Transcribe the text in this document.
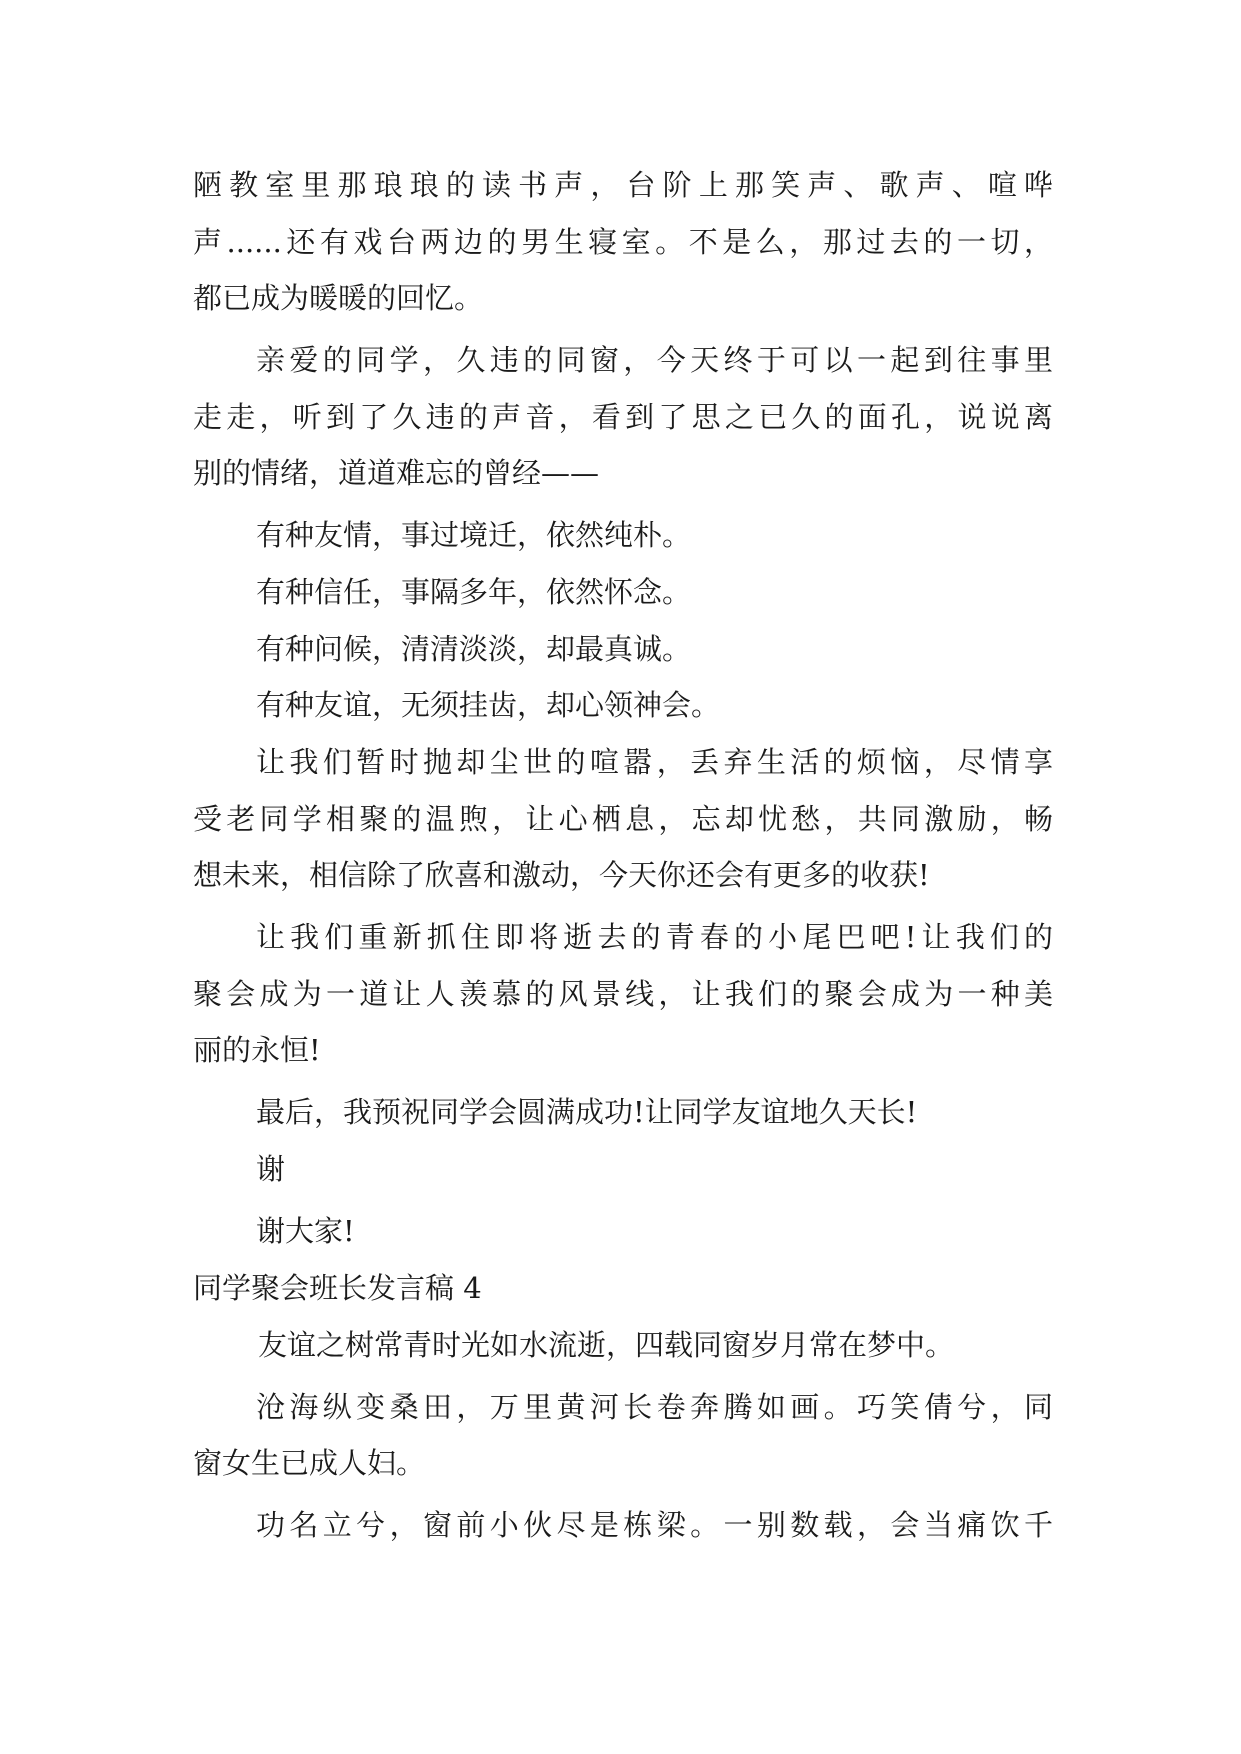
陋教室里那琅琅的读书声，台阶上那笑声、歌声、喧哗
声......还有戏台两边的男生寝室。不是么，那过去的一切，
都已成为暖暖的回忆。
亲爱的同学，久违的同窗，今天终于可以一起到往事里
走走，听到了久违的声音，看到了思之已久的面孔，说说离
别的情绪，道道难忘的曾经——
有种友情，事过境迁，依然纯朴。
有种信任，事隔多年，依然怀念。
有种问候，清清淡淡，却最真诚。
有种友谊，无须挂齿，却心领神会。
让我们暂时抛却尘世的喧嚣，丢弃生活的烦恼，尽情享
受老同学相聚的温煦，让心栖息，忘却忧愁，共同激励，畅
想未来，相信除了欣喜和激动，今天你还会有更多的收获!
让我们重新抓住即将逝去的青春的小尾巴吧!让我们的
聚会成为一道让人羡慕的风景线，让我们的聚会成为一种美
丽的永恒!
最后，我预祝同学会圆满成功!让同学友谊地久天长!
谢
谢大家!
同学聚会班长发言稿 4
友谊之树常青时光如水流逝，四载同窗岁月常在梦中。
沧海纵变桑田，万里黄河长卷奔腾如画。巧笑倩兮，同
窗女生已成人妇。
功名立兮，窗前小伙尽是栋梁。一别数载，会当痛饮千
